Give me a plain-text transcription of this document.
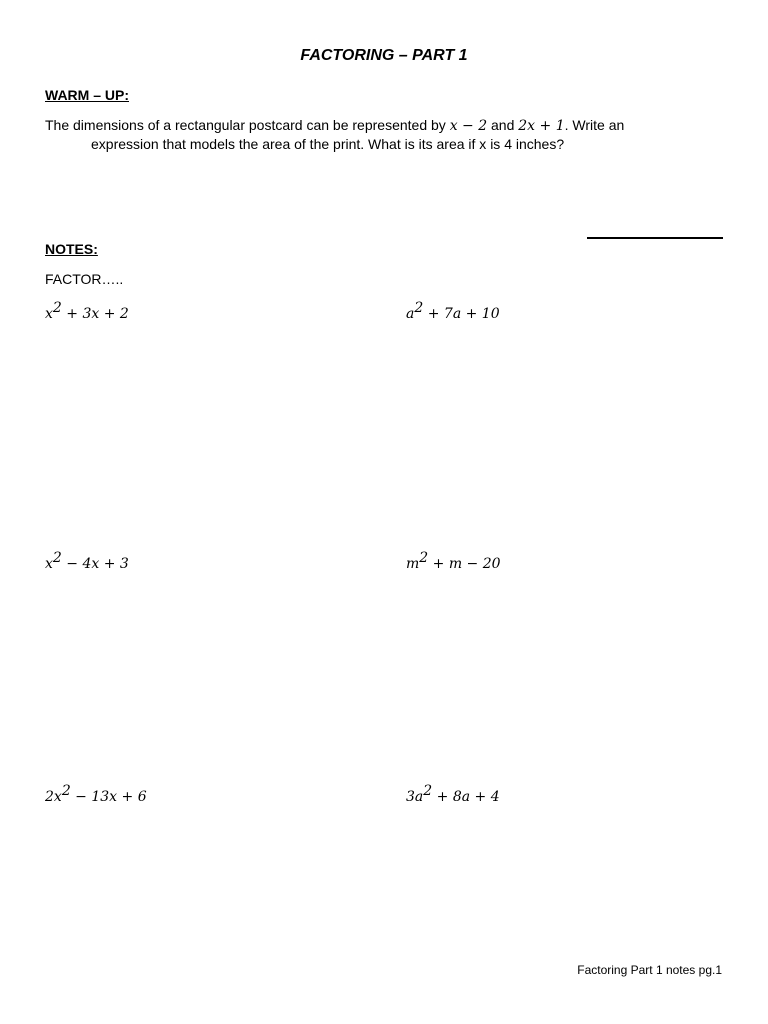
FACTORING – PART 1
WARM – UP:
The dimensions of a rectangular postcard can be represented by x − 2 and 2x + 1. Write an
expression that models the area of the print. What is its area if x is 4 inches?
NOTES:
FACTOR…..
$x^2 + 3x + 2$	$a^2 + 7a + 10$
$x^2 - 4x + 3$	$m^2 + m - 20$
$2x^2 - 13x + 6$	$3a^2 + 8a + 4$
Factoring Part 1 notes pg.1
